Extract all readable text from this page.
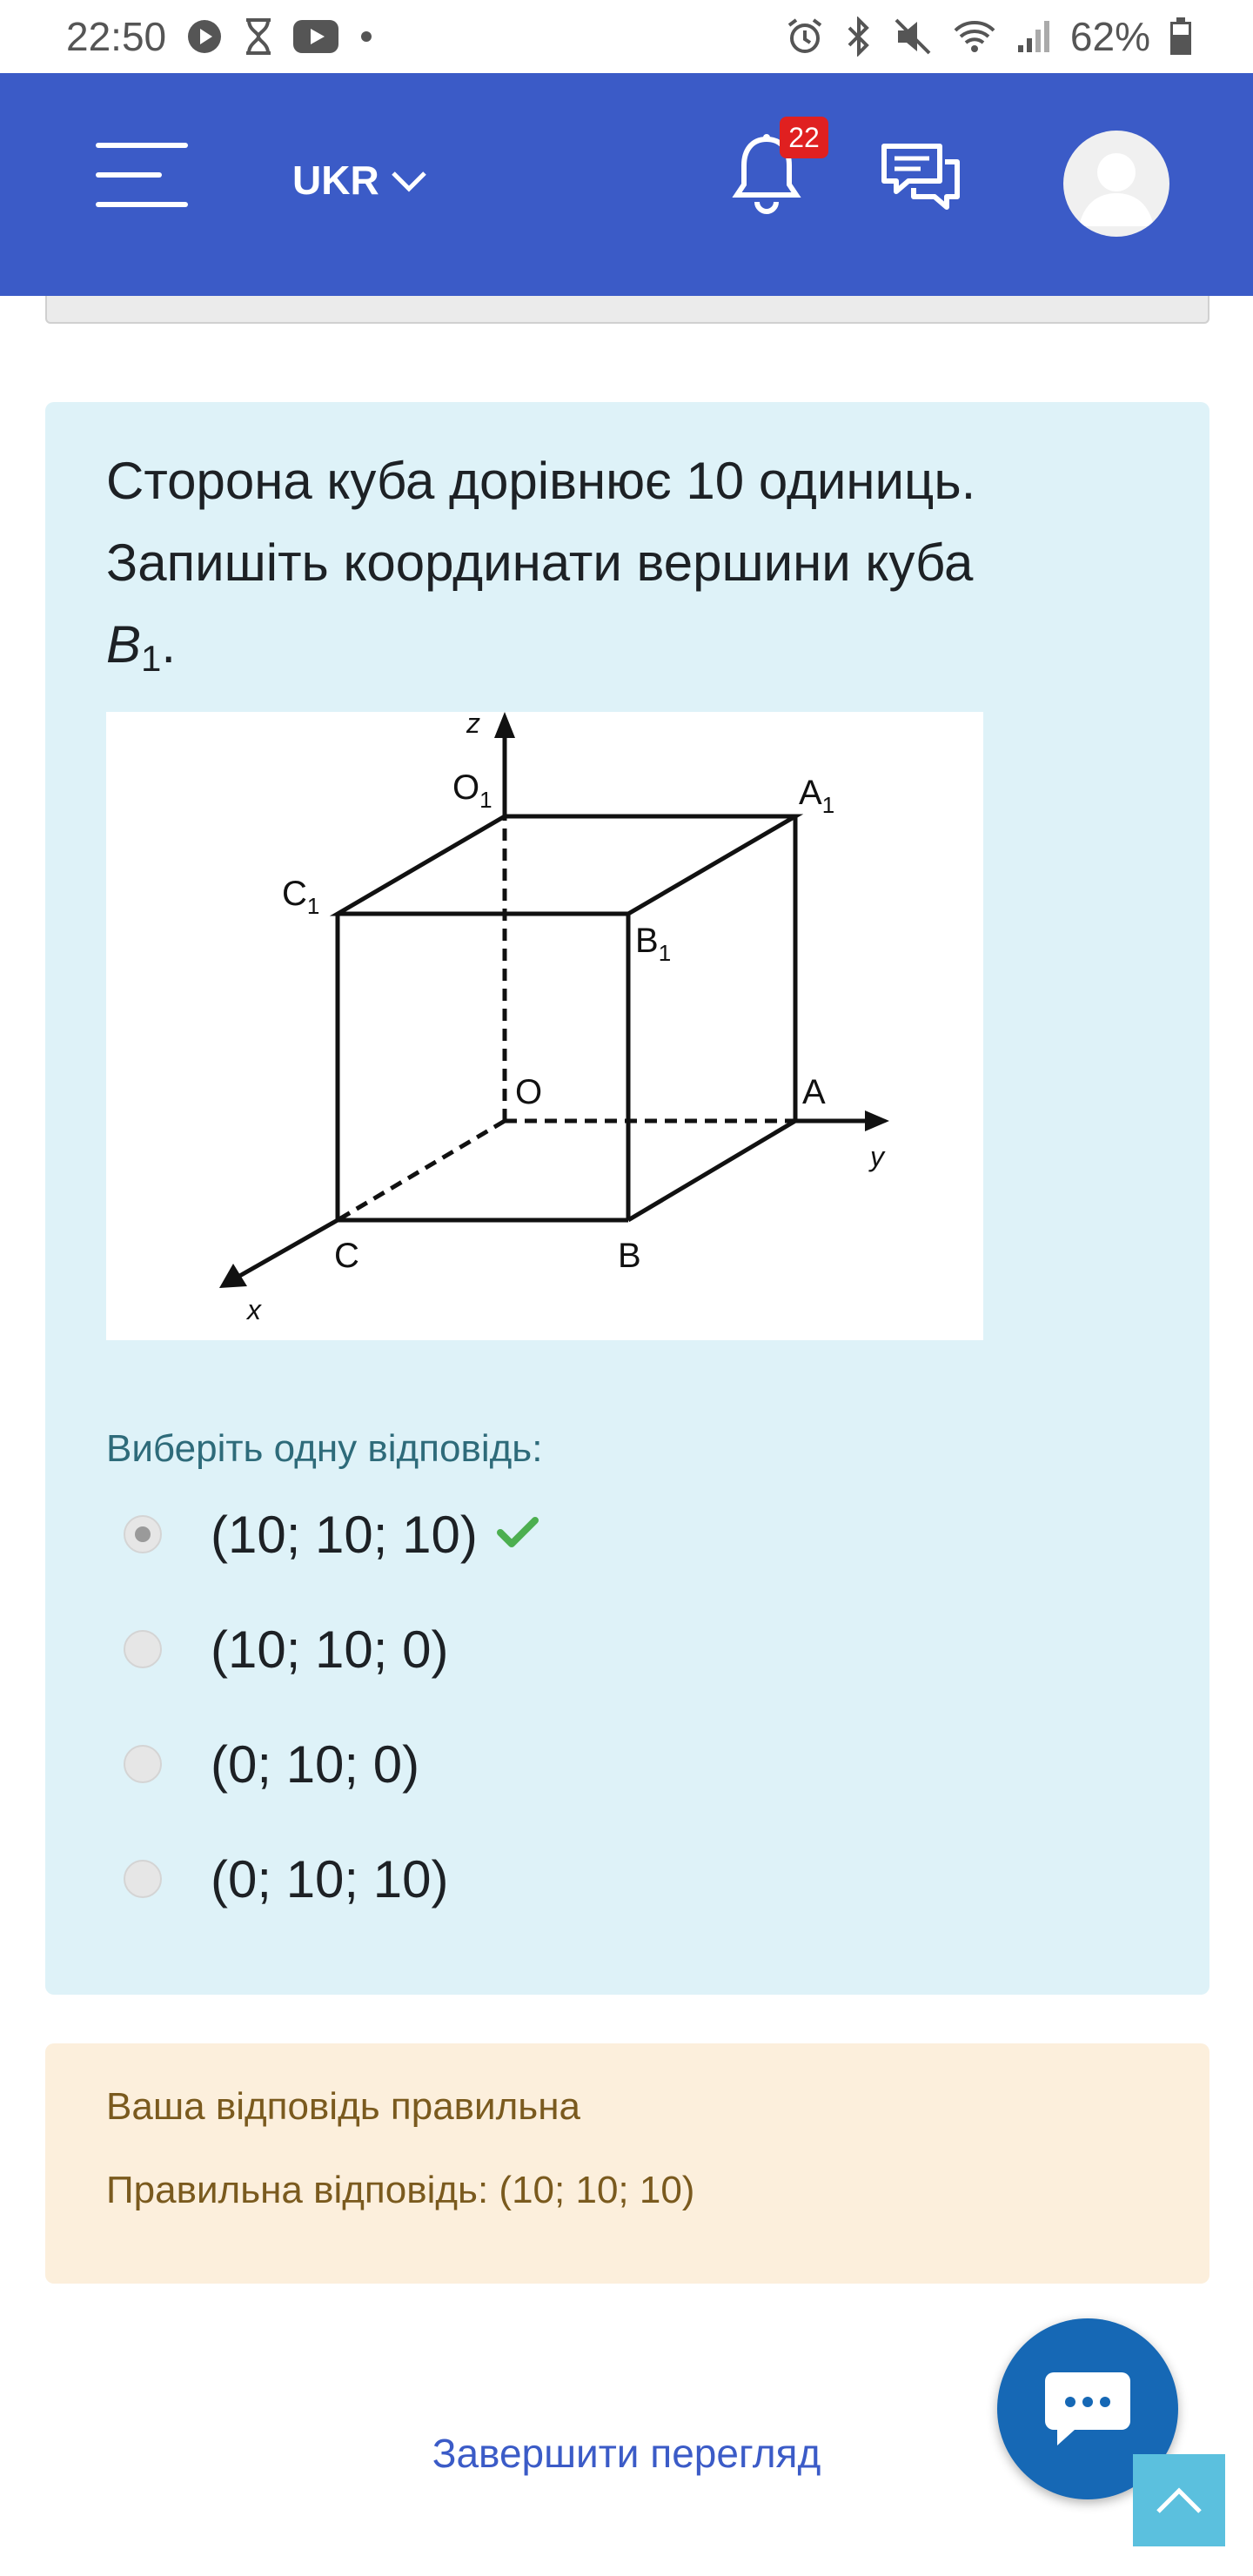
22:50	62%
UKR
22
Сторона куба дорівнює 10 одиниць.
Запишіть координати вершини куба
$B_1$.
z
y
x
$O_1$	$A_1$
$C_1$
$B_1$
O	A
C	B
Виберіть одну відповідь:
(10; 10; 10)
(10; 10; 0)
(0; 10; 0)
(0; 10; 10)
Ваша відповідь правильна
Правильна відповідь: (10; 10; 10)
Завершити перегляд
